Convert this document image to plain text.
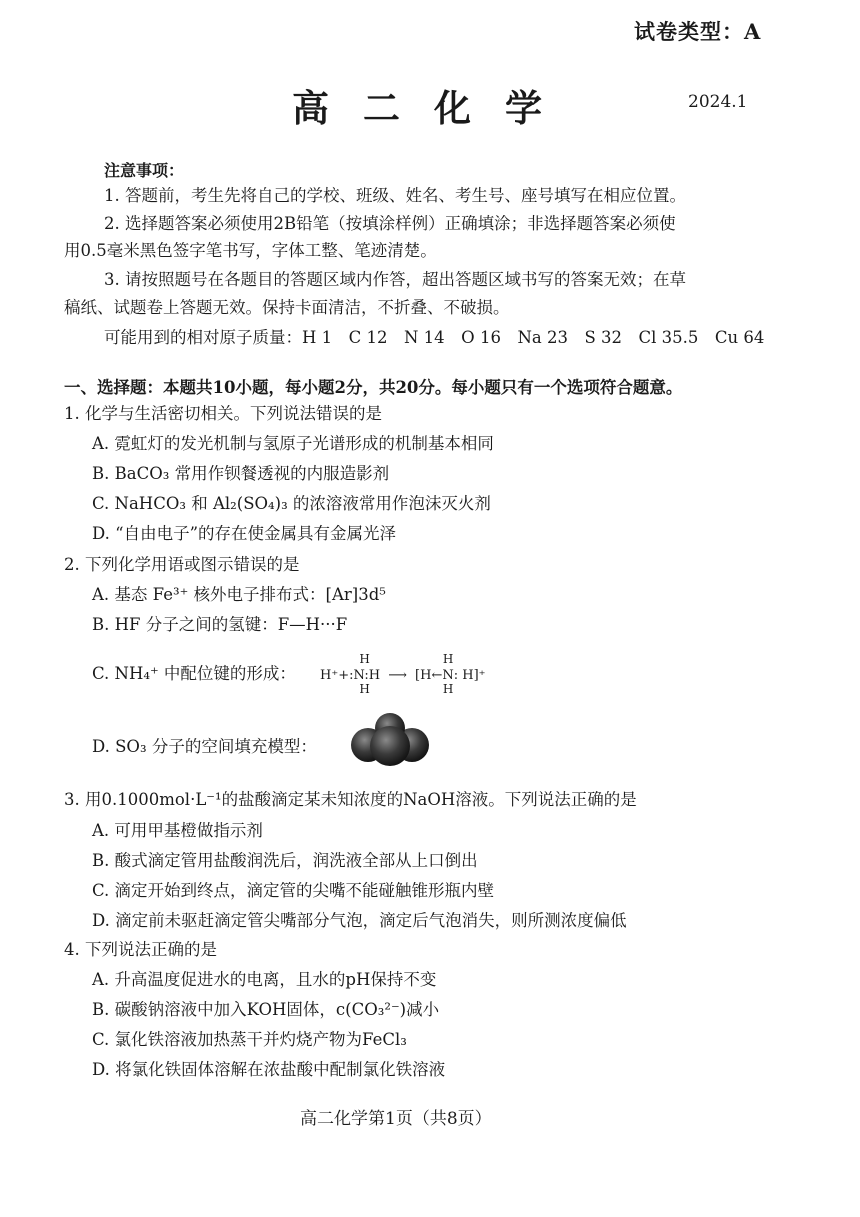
试卷类型：A
高二化学	2024.1
注意事项：
1. 答题前，考生先将自己的学校、班级、姓名、考生号、座号填写在相应位置。
2. 选择题答案必须使用2B铅笔（按填涂样例）正确填涂；非选择题答案必须使
用0.5毫米黑色签字笔书写，字体工整、笔迹清楚。
3. 请按照题号在各题目的答题区域内作答，超出答题区域书写的答案无效；在草
稿纸、试题卷上答题无效。保持卡面清洁，不折叠、不破损。
可能用到的相对原子质量：H 1　C 12　N 14　O 16　Na 23　S 32　Cl 35.5　Cu 64
一、选择题：本题共10小题，每小题2分，共20分。每小题只有一个选项符合题意。
1. 化学与生活密切相关。下列说法错误的是
A. 霓虹灯的发光机制与氢原子光谱形成的机制基本相同
B. BaCO₃ 常用作钡餐透视的内服造影剂
C. NaHCO₃ 和 Al₂(SO₄)₃ 的浓溶液常用作泡沫灭火剂
D. “自由电子”的存在使金属具有金属光泽
2. 下列化学用语或图示错误的是
A. 基态 Fe³⁺ 核外电子排布式：[Ar]3d⁵
B. HF 分子之间的氢键：F—H···F
C. NH₄⁺ 中配位键的形成： H⁺+
H
:N:H
H
⟶ [H←
H
N
H
: H]⁺
D. SO₃ 分子的空间填充模型：
3. 用0.1000mol·L⁻¹的盐酸滴定某未知浓度的NaOH溶液。下列说法正确的是
A. 可用甲基橙做指示剂
B. 酸式滴定管用盐酸润洗后，润洗液全部从上口倒出
C. 滴定开始到终点，滴定管的尖嘴不能碰触锥形瓶内壁
D. 滴定前未驱赶滴定管尖嘴部分气泡，滴定后气泡消失，则所测浓度偏低
4. 下列说法正确的是
A. 升高温度促进水的电离，且水的pH保持不变
B. 碳酸钠溶液中加入KOH固体，c(CO₃²⁻)减小
C. 氯化铁溶液加热蒸干并灼烧产物为FeCl₃
D. 将氯化铁固体溶解在浓盐酸中配制氯化铁溶液
高二化学第1页（共8页）
